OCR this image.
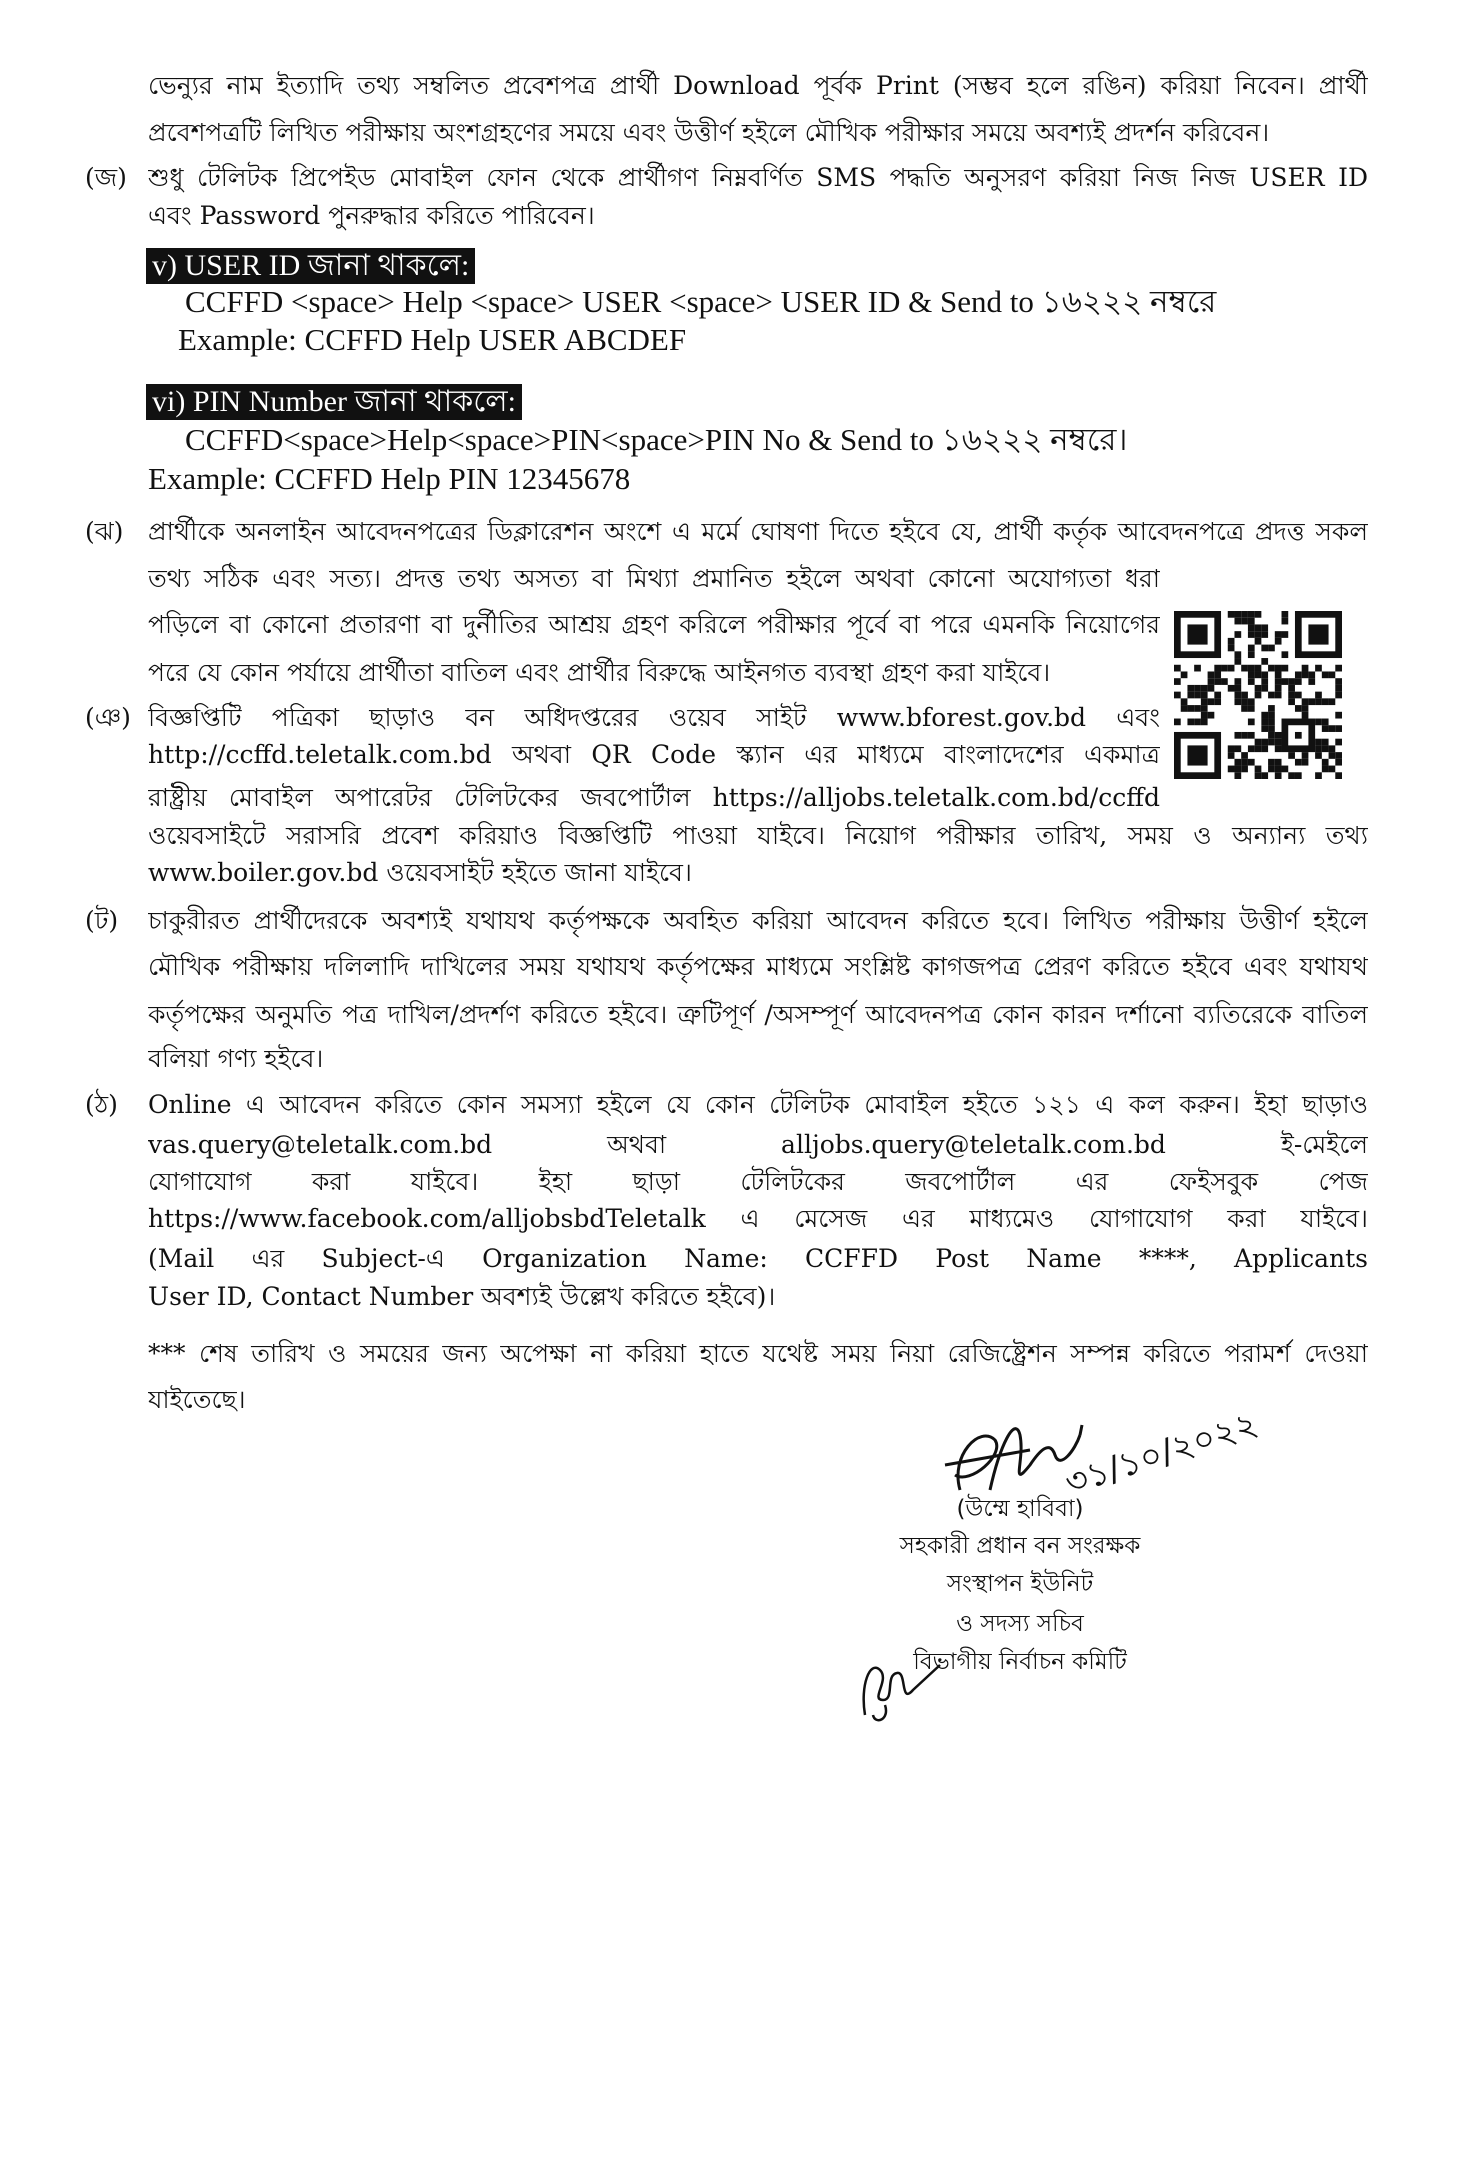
v) USER ID জানা থাকলে:
vi) PIN Number জানা থাকলে:
৩১/১০/২০২২
(উম্মে হাবিবা)
সহকারী প্রধান বন সংরক্ষক
সংস্থাপন ইউনিট
ও সদস্য সচিব
বিভাগীয় নির্বাচন কমিটি
ভেন্যুর নাম ইত্যাদি তথ্য সম্বলিত প্রবেশপত্র প্রার্থী Download পূর্বক Print (সম্ভব হলে রঙিন) করিয়া নিবেন। প্রার্থী
প্রবেশপত্রটি লিখিত পরীক্ষায় অংশগ্রহণের সময়ে এবং উত্তীর্ণ হইলে মৌখিক পরীক্ষার সময়ে অবশ্যই প্রদর্শন করিবেন।
(জ) শুধু টেলিটক প্রিপেইড মোবাইল ফোন থেকে প্রার্থীগণ নিম্নবর্ণিত SMS পদ্ধতি অনুসরণ করিয়া নিজ নিজ USER ID
এবং Password পুনরুদ্ধার করিতে পারিবেন।
CCFFD <space> Help <space> USER <space> USER ID & Send to ১৬২২২ নম্বরে
Example: CCFFD Help USER ABCDEF
CCFFD<space>Help<space>PIN<space>PIN No & Send to ১৬২২২ নম্বরে।
Example: CCFFD Help PIN 12345678
(ঝ) প্রার্থীকে অনলাইন আবেদনপত্রের ডিক্লারেশন অংশে এ মর্মে ঘোষণা দিতে হইবে যে, প্রার্থী কর্তৃক আবেদনপত্রে প্রদত্ত সকল
তথ্য সঠিক এবং সত্য। প্রদত্ত তথ্য অসত্য বা মিথ্যা প্রমানিত হইলে অথবা কোনো অযোগ্যতা ধরা
পড়িলে বা কোনো প্রতারণা বা দুর্নীতির আশ্রয় গ্রহণ করিলে পরীক্ষার পূর্বে বা পরে এমনকি নিয়োগের
পরে যে কোন পর্যায়ে প্রার্থীতা বাতিল এবং প্রার্থীর বিরুদ্ধে আইনগত ব্যবস্থা গ্রহণ করা যাইবে।
(ঞ) বিজ্ঞপ্তিটি পত্রিকা ছাড়াও বন অধিদপ্তরের ওয়েব সাইট www.bforest.gov.bd এবং
http://ccffd.teletalk.com.bd অথবা QR Code স্ক্যান এর মাধ্যমে বাংলাদেশের একমাত্র
রাষ্ট্রীয় মোবাইল অপারেটর টেলিটকের জবপোর্টাল https://alljobs.teletalk.com.bd/ccffd
ওয়েবসাইটে সরাসরি প্রবেশ করিয়াও বিজ্ঞপ্তিটি পাওয়া যাইবে। নিয়োগ পরীক্ষার তারিখ, সময় ও অন্যান্য তথ্য
www.boiler.gov.bd ওয়েবসাইট হইতে জানা যাইবে।
(ট) চাকুরীরত প্রার্থীদেরকে অবশ্যই যথাযথ কর্তৃপক্ষকে অবহিত করিয়া আবেদন করিতে হবে। লিখিত পরীক্ষায় উত্তীর্ণ হইলে
মৌখিক পরীক্ষায় দলিলাদি দাখিলের সময় যথাযথ কর্তৃপক্ষের মাধ্যমে সংশ্লিষ্ট কাগজপত্র প্রেরণ করিতে হইবে এবং যথাযথ
কর্তৃপক্ষের অনুমতি পত্র দাখিল/প্রদর্শণ করিতে হইবে। ত্রুটিপূর্ণ /অসম্পূর্ণ আবেদনপত্র কোন কারন দর্শানো ব্যতিরেকে বাতিল
বলিয়া গণ্য হইবে।
(ঠ) Online এ আবেদন করিতে কোন সমস্যা হইলে যে কোন টেলিটক মোবাইল হইতে ১২১ এ কল করুন। ইহা ছাড়াও
vas.query@teletalk.com.bd অথবা alljobs.query@teletalk.com.bd ই-মেইলে
যোগাযোগ করা যাইবে। ইহা ছাড়া টেলিটকের জবপোর্টাল এর ফেইসবুক পেজ
https://www.facebook.com/alljobsbdTeletalk এ মেসেজ এর মাধ্যমেও যোগাযোগ করা যাইবে।
(Mail এর Subject-এ Organization Name: CCFFD Post Name ****, Applicants
User ID, Contact Number অবশ্যই উল্লেখ করিতে হইবে)।
*** শেষ তারিখ ও সময়ের জন্য অপেক্ষা না করিয়া হাতে যথেষ্ট সময় নিয়া রেজিষ্ট্রেশন সম্পন্ন করিতে পরামর্শ দেওয়া
যাইতেছে।
